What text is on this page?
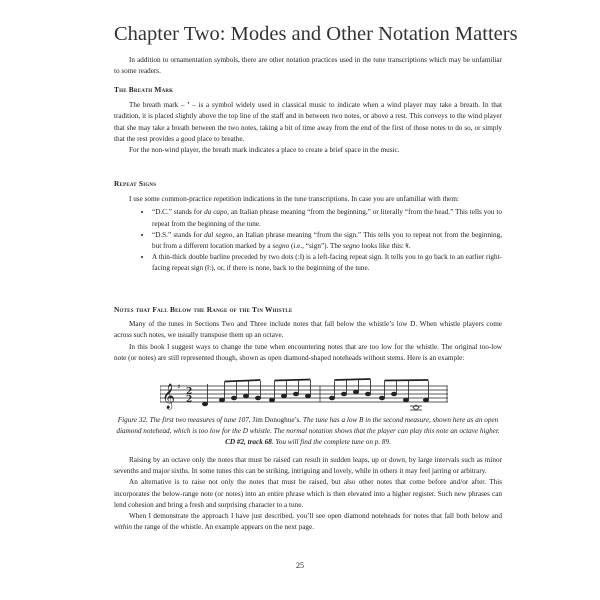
Chapter Two: Modes and Other Notation Matters

In addition to ornamentation symbols, there are other notation practices used in the tune transcriptions which may be unfamiliar to some readers.

The Breath Mark

The breath mark – ’ – is a symbol widely used in classical music to indicate when a wind player may take a breath. In that tradition, it is placed slightly above the top line of the staff and in between two notes, or above a rest. This conveys to the wind player that she may take a breath between the two notes, taking a bit of time away from the end of the first of those notes to do so, or simply that the rest provides a good place to breathe.

For the non-wind player, the breath mark indicates a place to create a brief space in the music.

Repeat Signs

I use some common-practice repetition indications in the tune transcriptions. In case you are unfamiliar with them:

• “D.C.” stands for da capo, an Italian phrase meaning “from the beginning,” or literally “from the head.” This tells you to repeat from the beginning of the tune.
• “D.S.” stands for dal segno, an Italian phrase meaning “from the sign.” This tells you to repeat not from the beginning, but from a different location marked by a segno (i.e., “sign”). The segno looks like this: 𝄋.
• A thin-thick double barline preceded by two dots (:‖) is a left-facing repeat sign. It tells you to go back to an earlier right-facing repeat sign (‖:), or, if there is none, back to the beginning of the tune.

Notes that Fall Below the Range of the Tin Whistle

Many of the tunes in Sections Two and Three include notes that fall below the whistle’s low D. When whistle players come across such notes, we usually transpose them up an octave.

In this book I suggest ways to change the tune when encountering notes that are too low for the whistle. The original too-low note (or notes) are still represented though, shown as open diamond-shaped noteheads without stems. Here is an example:

𝄞 ♯ 2
2
Figure 32. The first two measures of tune 107, Jim Donoghue’s. The tune has a low B in the second measure, shown here as an open diamond notehead, which is too low for the D whistle. The normal notation shows that the player can play this note an octave higher. CD #2, track 68. You will find the complete tune on p. 89.

Raising by an octave only the notes that must be raised can result in sudden leaps, up or down, by large intervals such as minor sevenths and major sixths. In some tunes this can be striking, intriguing and lovely, while in others it may feel jarring or arbitrary.

An alternative is to raise not only the notes that must be raised, but also other notes that come before and/or after. This incorporates the below-range note (or notes) into an entire phrase which is then elevated into a higher register. Such new phrases can lend cohesion and bring a fresh and surprising character to a tune.

When I demonstrate the approach I have just described, you’ll see open diamond noteheads for notes that fall both below and within the range of the whistle. An example appears on the next page.

25
